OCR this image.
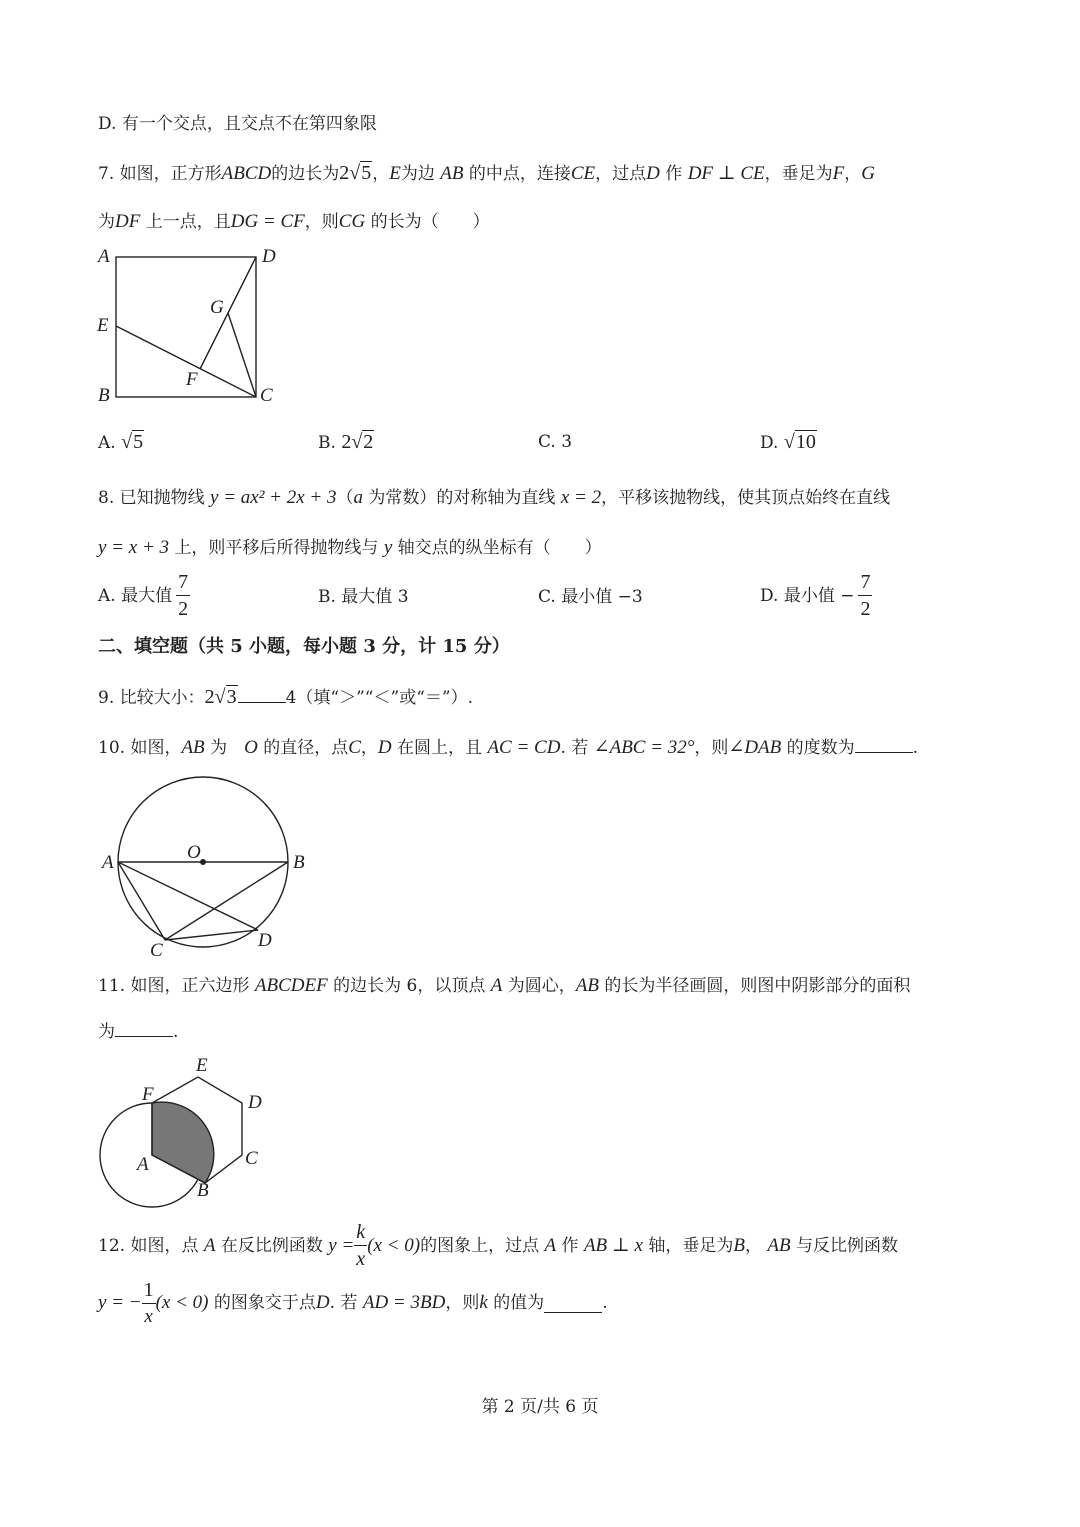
D. 有一个交点，且交点不在第四象限
7. 如图，正方形ABCD的边长为2√5，E为边 AB 的中点，连接CE，过点D 作 DF ⊥ CE，垂足为F，G
为DF 上一点，且DG = CF，则CG 的长为（　　）
A	D
E
G
F
B	C
A. √5	B. 2√2	C. 3	D. √10
8. 已知抛物线 y = ax² + 2x + 3（a 为常数）的对称轴为直线 x = 2，平移该抛物线，使其顶点始终在直线
y = x + 3 上，则平移后所得抛物线与 y 轴交点的纵坐标有（　　）
A. 最大值 $\frac{7}{2}$	B. 最大值 3	C. 最小值 −3	D. 最小值 − $\frac{7}{2}$
二、填空题（共 5 小题，每小题 3 分，计 15 分）
9. 比较大小：2√3	4（填“＞”“＜”或“＝”）.
10. 如图，AB 为　 O 的直径，点C，D 在圆上，且 AC = CD. 若 ∠ABC = 32°，则∠DAB 的度数为	.
A	O	B
C	D
11. 如图，正六边形 ABCDEF 的边长为 6，以顶点 A 为圆心，AB 的长为半径画圆，则图中阴影部分的面积
为	.
E
F	D
A	C
B
12. 如图，点
A
在反比例函数
$y = \frac{k}{x} (x < 0)$ 的图象上，过点
A
作
AB ⊥ x
轴，垂足为 B ，
AB
与反比例函数
y = − $\frac{1}{x} (x < 0)$
的图象交于点 D . 若
AD = 3BD ，则 k
的值为	.
第 2 页/共 6 页
